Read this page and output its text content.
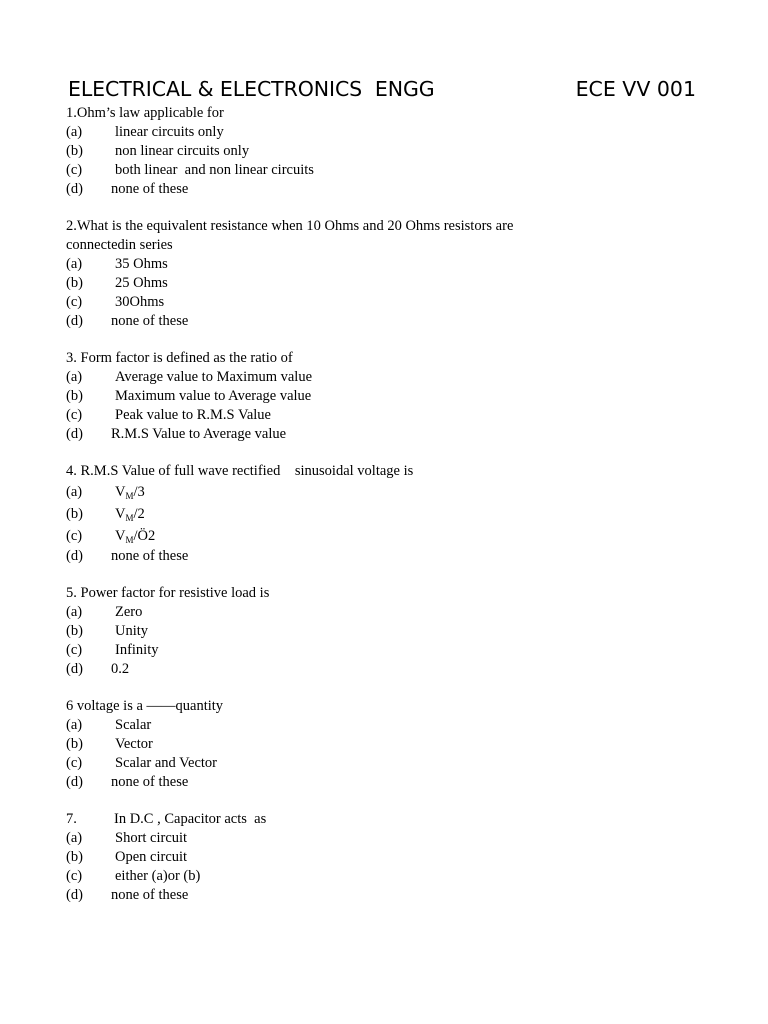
ELECTRICAL & ELECTRONICS  ENGG	ECE VV 001
1.Ohm’s law applicable for

(a)

linear circuits only

(b)

non linear circuits only

(c)

both linear  and non linear circuits

(d)

none of these

2.What is the equivalent resistance when 10 Ohms and 20 Ohms resistors are connectedin series

(a)

35 Ohms

(b)

25 Ohms

(c)

30Ohms

(d)

none of these

3. Form factor is defined as the ratio of

(a)

Average value to Maximum value

(b)

Maximum value to Average value

(c)

Peak value to R.M.S Value

(d)

R.M.S Value to Average value

4. R.M.S Value of full wave rectified    sinusoidal voltage is

(a)

$V_M/3$

(b)

$V_M/2$

(c)

$V_M/Ö2$

(d)

none of these

5. Power factor for resistive load is

(a)

Zero

(b)

Unity

(c)

Infinity

(d)

0.2

6 voltage is a ——quantity

(a)

Scalar

(b)

Vector

(c)

Scalar and Vector

(d)

none of these

7.	In D.C , Capacitor acts  as

(a)

Short circuit

(b)

Open circuit

(c)

either (a)or (b)

(d)

none of these
